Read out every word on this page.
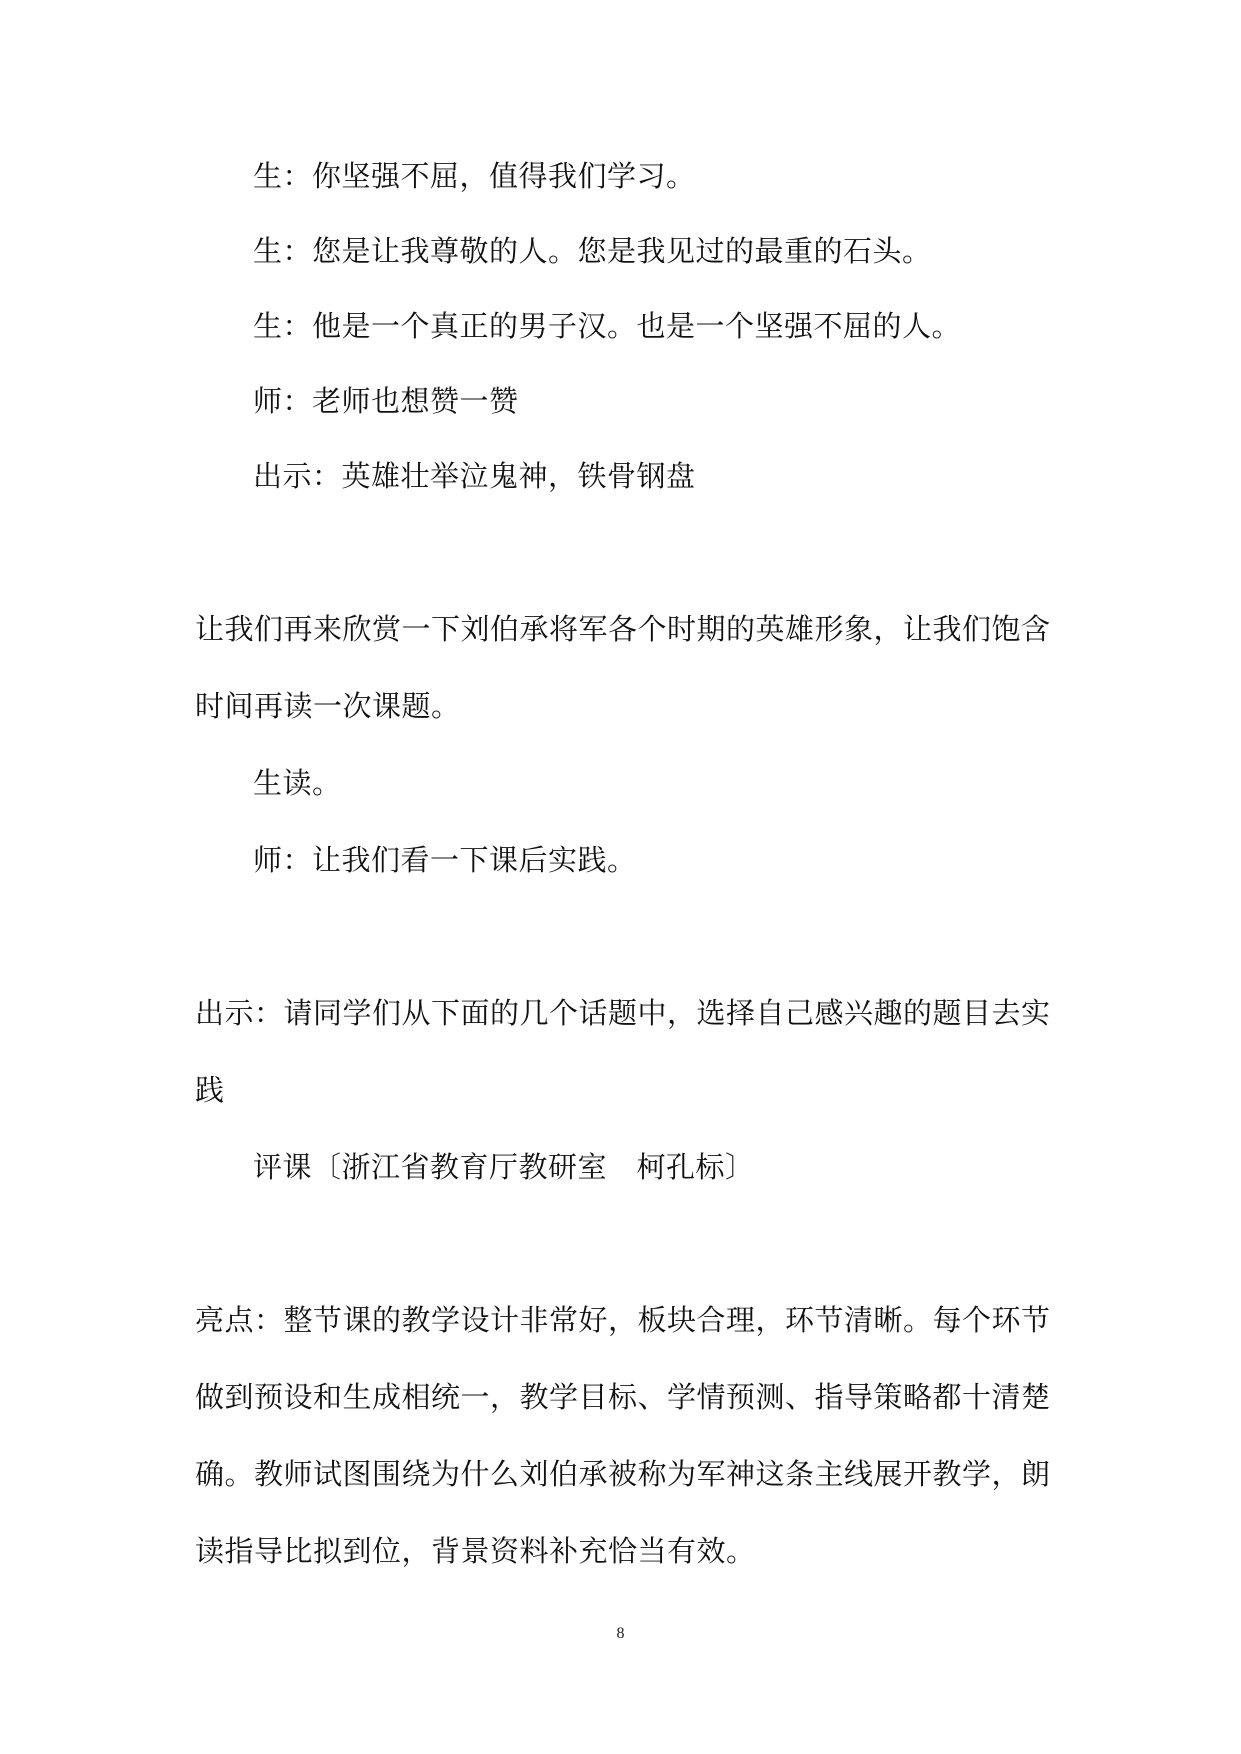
生：你坚强不屈，值得我们学习。
生：您是让我尊敬的人。您是我见过的最重的石头。
生：他是一个真正的男子汉。也是一个坚强不屈的人。
师：老师也想赞一赞
出示：英雄壮举泣鬼神，铁骨钢盘
让我们再来欣赏一下刘伯承将军各个时期的英雄形象，让我们饱含
时间再读一次课题。
生读。
师：让我们看一下课后实践。
出示：请同学们从下面的几个话题中，选择自己感兴趣的题目去实
践
评课〔浙江省教育厅教研室　柯孔标〕
亮点：整节课的教学设计非常好，板块合理，环节清晰。每个环节
做到预设和生成相统一，教学目标、学情预测、指导策略都十清楚
确。教师试图围绕为什么刘伯承被称为军神这条主线展开教学，朗
读指导比拟到位，背景资料补充恰当有效。
8
